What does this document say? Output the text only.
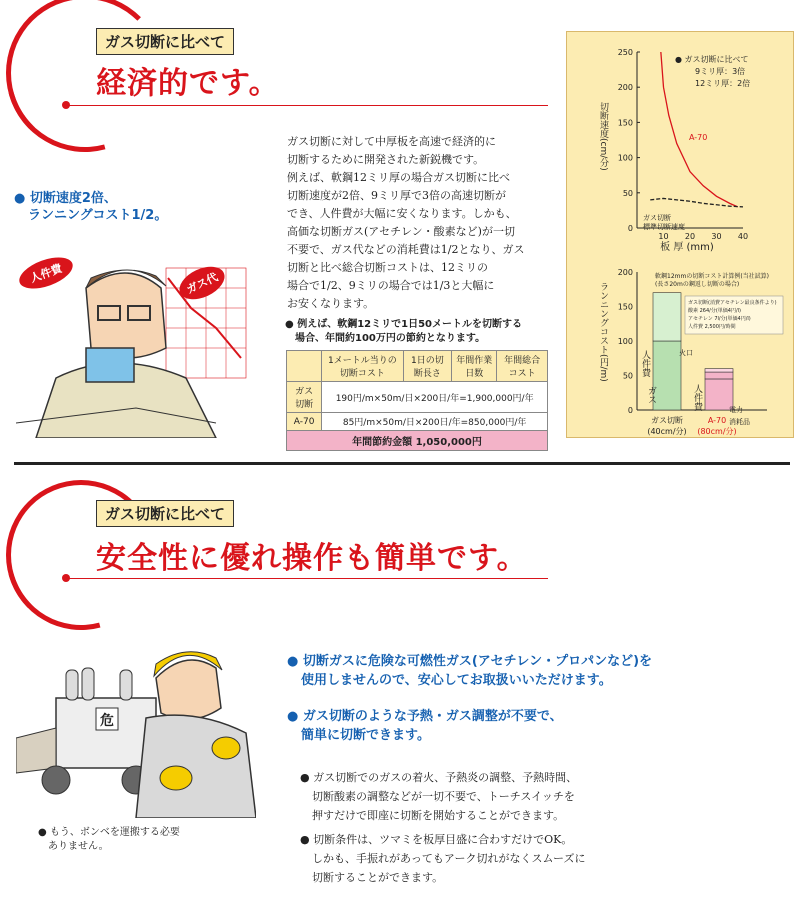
ガス切断に比べて
経済的です。
● 切断速度2倍、
ランニングコスト1/2。
人件費	ガス代
ガス切断に対して中厚板を高速で経済的に
切断するために開発された新鋭機です。
例えば、軟鋼12ミリ厚の場合ガス切断に比べ
切断速度が2倍、9ミリ厚で3倍の高速切断が
でき、人件費が大幅に安くなります。しかも、
高価な切断ガス(アセチレン・酸素など)が一切
不要で、ガス代などの消耗費は1/2となり、ガス
切断と比べ総合切断コストは、12ミリの
場合で1/2、9ミリの場合では1/3と大幅に
お安くなります。
● 例えば、軟鋼12ミリで1日50メートルを切断する
場合、年間約100万円の節約となります。
	1メートル当りの切断コスト	1日の切断長さ	年間作業日数	年間総合コスト
ガス切断	190円/m×50m/日×200日/年=1,900,000円/年			
A-70	85円/m×50m/日×200日/年=850,000円/年			
年間節約金額 1,050,000円				
250
200
150
100
50
0
10 20 30 40
切断速度(cm/分)
板 厚 (mm)
● ガス切断に比べて
9ミリ厚：3倍
12ミリ厚：2倍
A-70
ガス切断
標準切断速度
200
150
100
50
0
ランニングコスト(円/m)
軟鋼12mmの切断コスト計算例(当社試算)
(長さ20mの鋼返し切断の場合)
ガス切断(消費アセチレン最良条件より)
酸素 264/分(単価4円/l)
アセチレン 7l/分(単価4円/l)
人件費 2,500円/時間
ガス切断
(40cm/分)
A-70
(80cm/分)
人件費
ガス
火口
人件費	電力
消耗品
ガス切断に比べて
安全性に優れ操作も簡単です。
危
● もう、ボンベを運搬する必要
ありません。
● 切断ガスに危険な可燃性ガス(アセチレン・プロパンなど)を
使用しませんので、安心してお取扱いいただけます。
● ガス切断のような予熱・ガス調整が不要で、
簡単に切断できます。
● ガス切断でのガスの着火、予熱炎の調整、予熱時間、
切断酸素の調整などが一切不要で、トーチスイッチを
押すだけで即座に切断を開始することができます。
● 切断条件は、ツマミを板厚目盛に合わすだけでOK。
しかも、手振れがあってもアーク切れがなくスムーズに
切断することができます。
